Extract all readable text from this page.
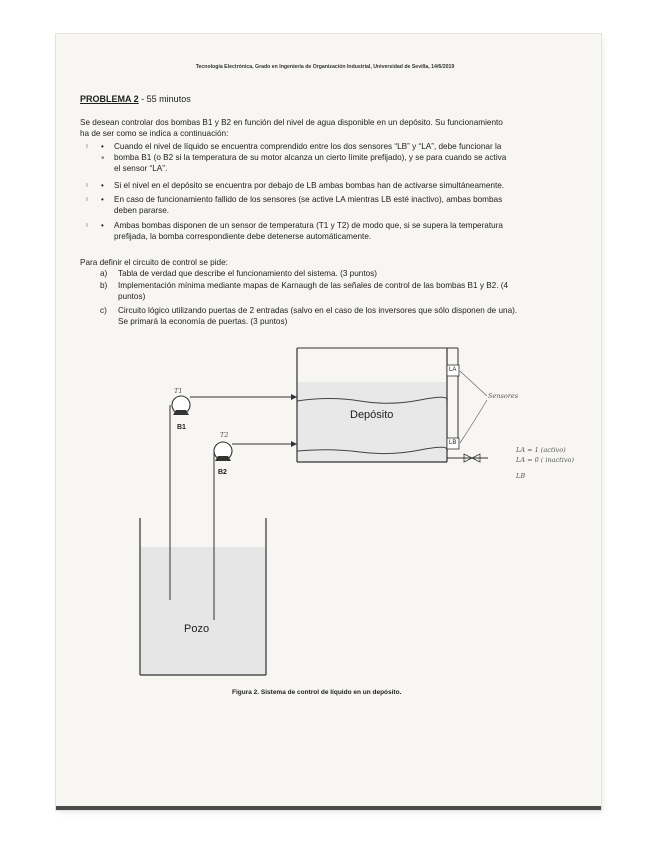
Tecnología Electrónica, Grado en Ingeniería de Organización Industrial, Universidad de Sevilla, 14/6/2019
PROBLEMA 2 - 55 minutos
Se desean controlar dos bombas B1 y B2 en función del nivel de agua disponible en un depósito. Su funcionamiento
ha de ser como se indica a continuación:
ı • Cuando el nivel de líquido se encuentra comprendido entre los dos sensores “LB” y “LA”, debe funcionar la
• bomba B1 (o B2 si la temperatura de su motor alcanza un cierto límite prefijado), y se para cuando se activa
el sensor “LA”.
ı • Si el nivel en el depósito se encuentra por debajo de LB ambas bombas han de activarse simultáneamente.
ı • En caso de funcionamiento fallido de los sensores (se active LA mientras LB esté inactivo), ambas bombas
deben pararse.
ı • Ambas bombas disponen de un sensor de temperatura (T1 y T2) de modo que, si se supera la temperatura
prefijada, la bomba correspondiente debe detenerse automáticamente.
Para definir el circuito de control se pide:
a) Tabla de verdad que describe el funcionamiento del sistema. (3 puntos)
b) Implementación mínima mediante mapas de Karnaugh de las señales de control de las bombas B1 y B2. (4
puntos)
c) Circuito lógico utilizando puertas de 2 entradas (salvo en el caso de los inversores que sólo disponen de una).
Se primará la economía de puertas. (3 puntos)
LA
LB
T1
B1
T2
B2
Depósito
Pozo
Sensores
LA = 1 (activo)
LA = 0 ( inactivo)
LB
Figura 2. Sistema de control de líquido en un depósito.
